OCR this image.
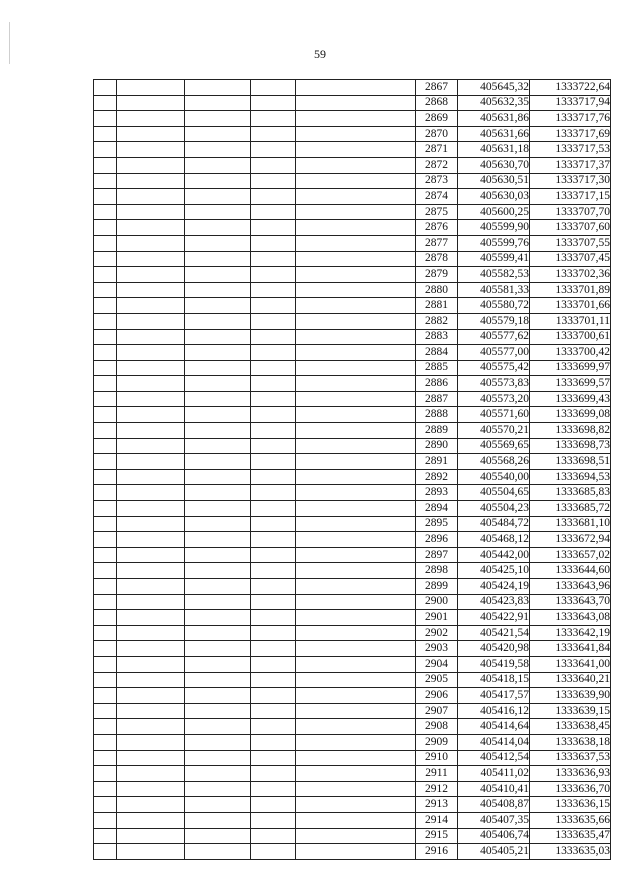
59
					2867	405645,32	1333722,64
					2868	405632,35	1333717,94
					2869	405631,86	1333717,76
					2870	405631,66	1333717,69
					2871	405631,18	1333717,53
					2872	405630,70	1333717,37
					2873	405630,51	1333717,30
					2874	405630,03	1333717,15
					2875	405600,25	1333707,70
					2876	405599,90	1333707,60
					2877	405599,76	1333707,55
					2878	405599,41	1333707,45
					2879	405582,53	1333702,36
					2880	405581,33	1333701,89
					2881	405580,72	1333701,66
					2882	405579,18	1333701,11
					2883	405577,62	1333700,61
					2884	405577,00	1333700,42
					2885	405575,42	1333699,97
					2886	405573,83	1333699,57
					2887	405573,20	1333699,43
					2888	405571,60	1333699,08
					2889	405570,21	1333698,82
					2890	405569,65	1333698,73
					2891	405568,26	1333698,51
					2892	405540,00	1333694,53
					2893	405504,65	1333685,83
					2894	405504,23	1333685,72
					2895	405484,72	1333681,10
					2896	405468,12	1333672,94
					2897	405442,00	1333657,02
					2898	405425,10	1333644,60
					2899	405424,19	1333643,96
					2900	405423,83	1333643,70
					2901	405422,91	1333643,08
					2902	405421,54	1333642,19
					2903	405420,98	1333641,84
					2904	405419,58	1333641,00
					2905	405418,15	1333640,21
					2906	405417,57	1333639,90
					2907	405416,12	1333639,15
					2908	405414,64	1333638,45
					2909	405414,04	1333638,18
					2910	405412,54	1333637,53
					2911	405411,02	1333636,93
					2912	405410,41	1333636,70
					2913	405408,87	1333636,15
					2914	405407,35	1333635,66
					2915	405406,74	1333635,47
					2916	405405,21	1333635,03
